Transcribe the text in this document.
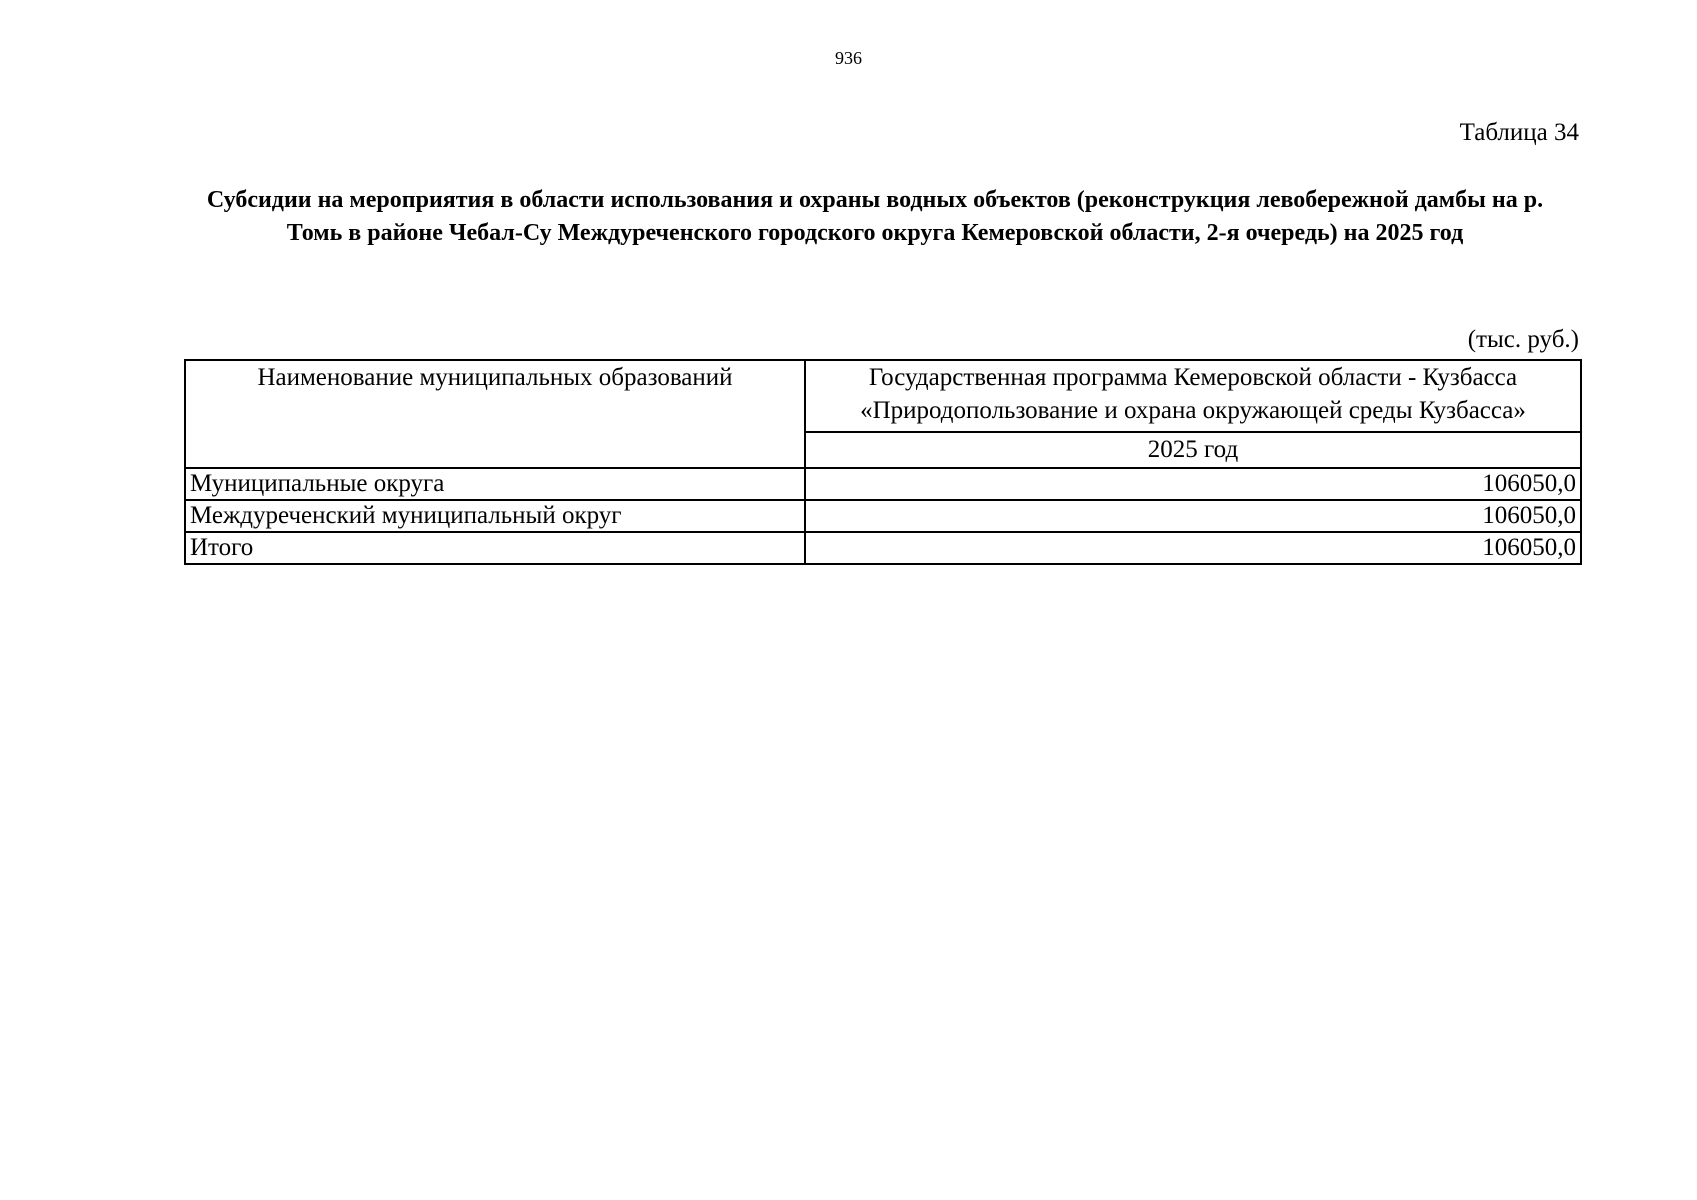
936
Таблица 34
Субсидии на мероприятия в области использования и охраны водных объектов (реконструкция левобережной дамбы на р. Томь в районе Чебал-Су Междуреченского городского округа Кемеровской области, 2-я очередь) на 2025 год
(тыс. руб.)
Наименование муниципальных образований	Государственная программа Кемеровской области - Кузбасса «Природопользование и охрана окружающей среды Кузбасса»
	2025 год
Муниципальные округа	106050,0
Междуреченский муниципальный округ	106050,0
Итого	106050,0
